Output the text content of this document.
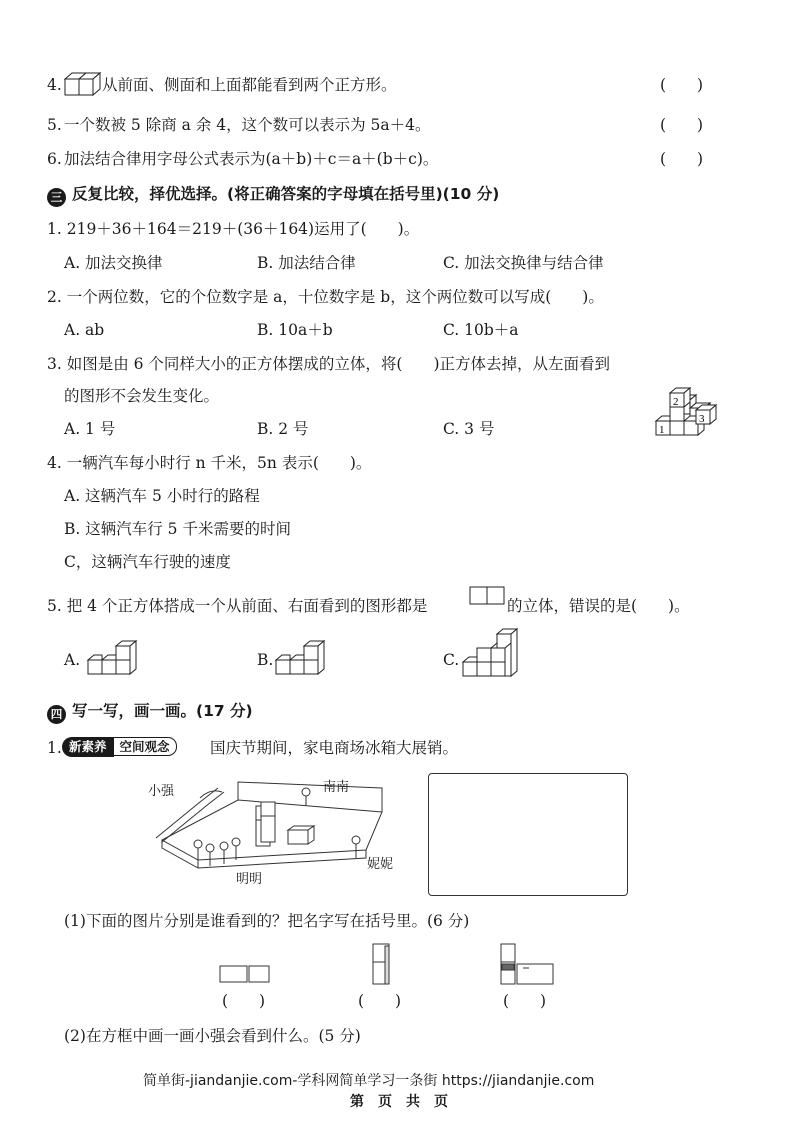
4.	从前面、侧面和上面都能看到两个正方形。	(　　)
5. 一个数被 5 除商 a 余 4，这个数可以表示为 5a＋4。	(　　)
6. 加法结合律用字母公式表示为(a＋b)＋c＝a＋(b＋c)。	(　　)
三 反复比较，择优选择。(将正确答案的字母填在括号里)(10 分)
1. 219＋36＋164＝219＋(36＋164)运用了(　　)。
A. 加法交换律	B. 加法结合律	C. 加法交换律与结合律
2. 一个两位数，它的个位数字是 a，十位数字是 b，这个两位数可以写成(　　)。
A. ab	B. 10a＋b	C. 10b＋a
3. 如图是由 6 个同样大小的正方体摆成的立体，将(　　)正方体去掉，从左面看到
的图形不会发生变化。
A. 1 号	B. 2 号	C. 3 号
2
3
1
4. 一辆汽车每小时行 n 千米，5n 表示(　　)。
A. 这辆汽车 5 小时行的路程
B. 这辆汽车行 5 千米需要的时间
C，这辆汽车行驶的速度
5. 把 4 个正方体搭成一个从前面、右面看到的图形都是	的立体，错误的是(　　)。
A.	B.	C.
四 写一写，画一画。(17 分)
1. 新素养 空间观念	国庆节期间，家电商场冰箱大展销。
小强	南南
明明
妮妮
(1)下面的图片分别是谁看到的？把名字写在括号里。(6 分)
(　　)	(　　)	(　　)
(2)在方框中画一画小强会看到什么。(5 分)
简单街-jiandanjie.com-学科网简单学习一条街 https://jiandanjie.com
第　页　共　页
